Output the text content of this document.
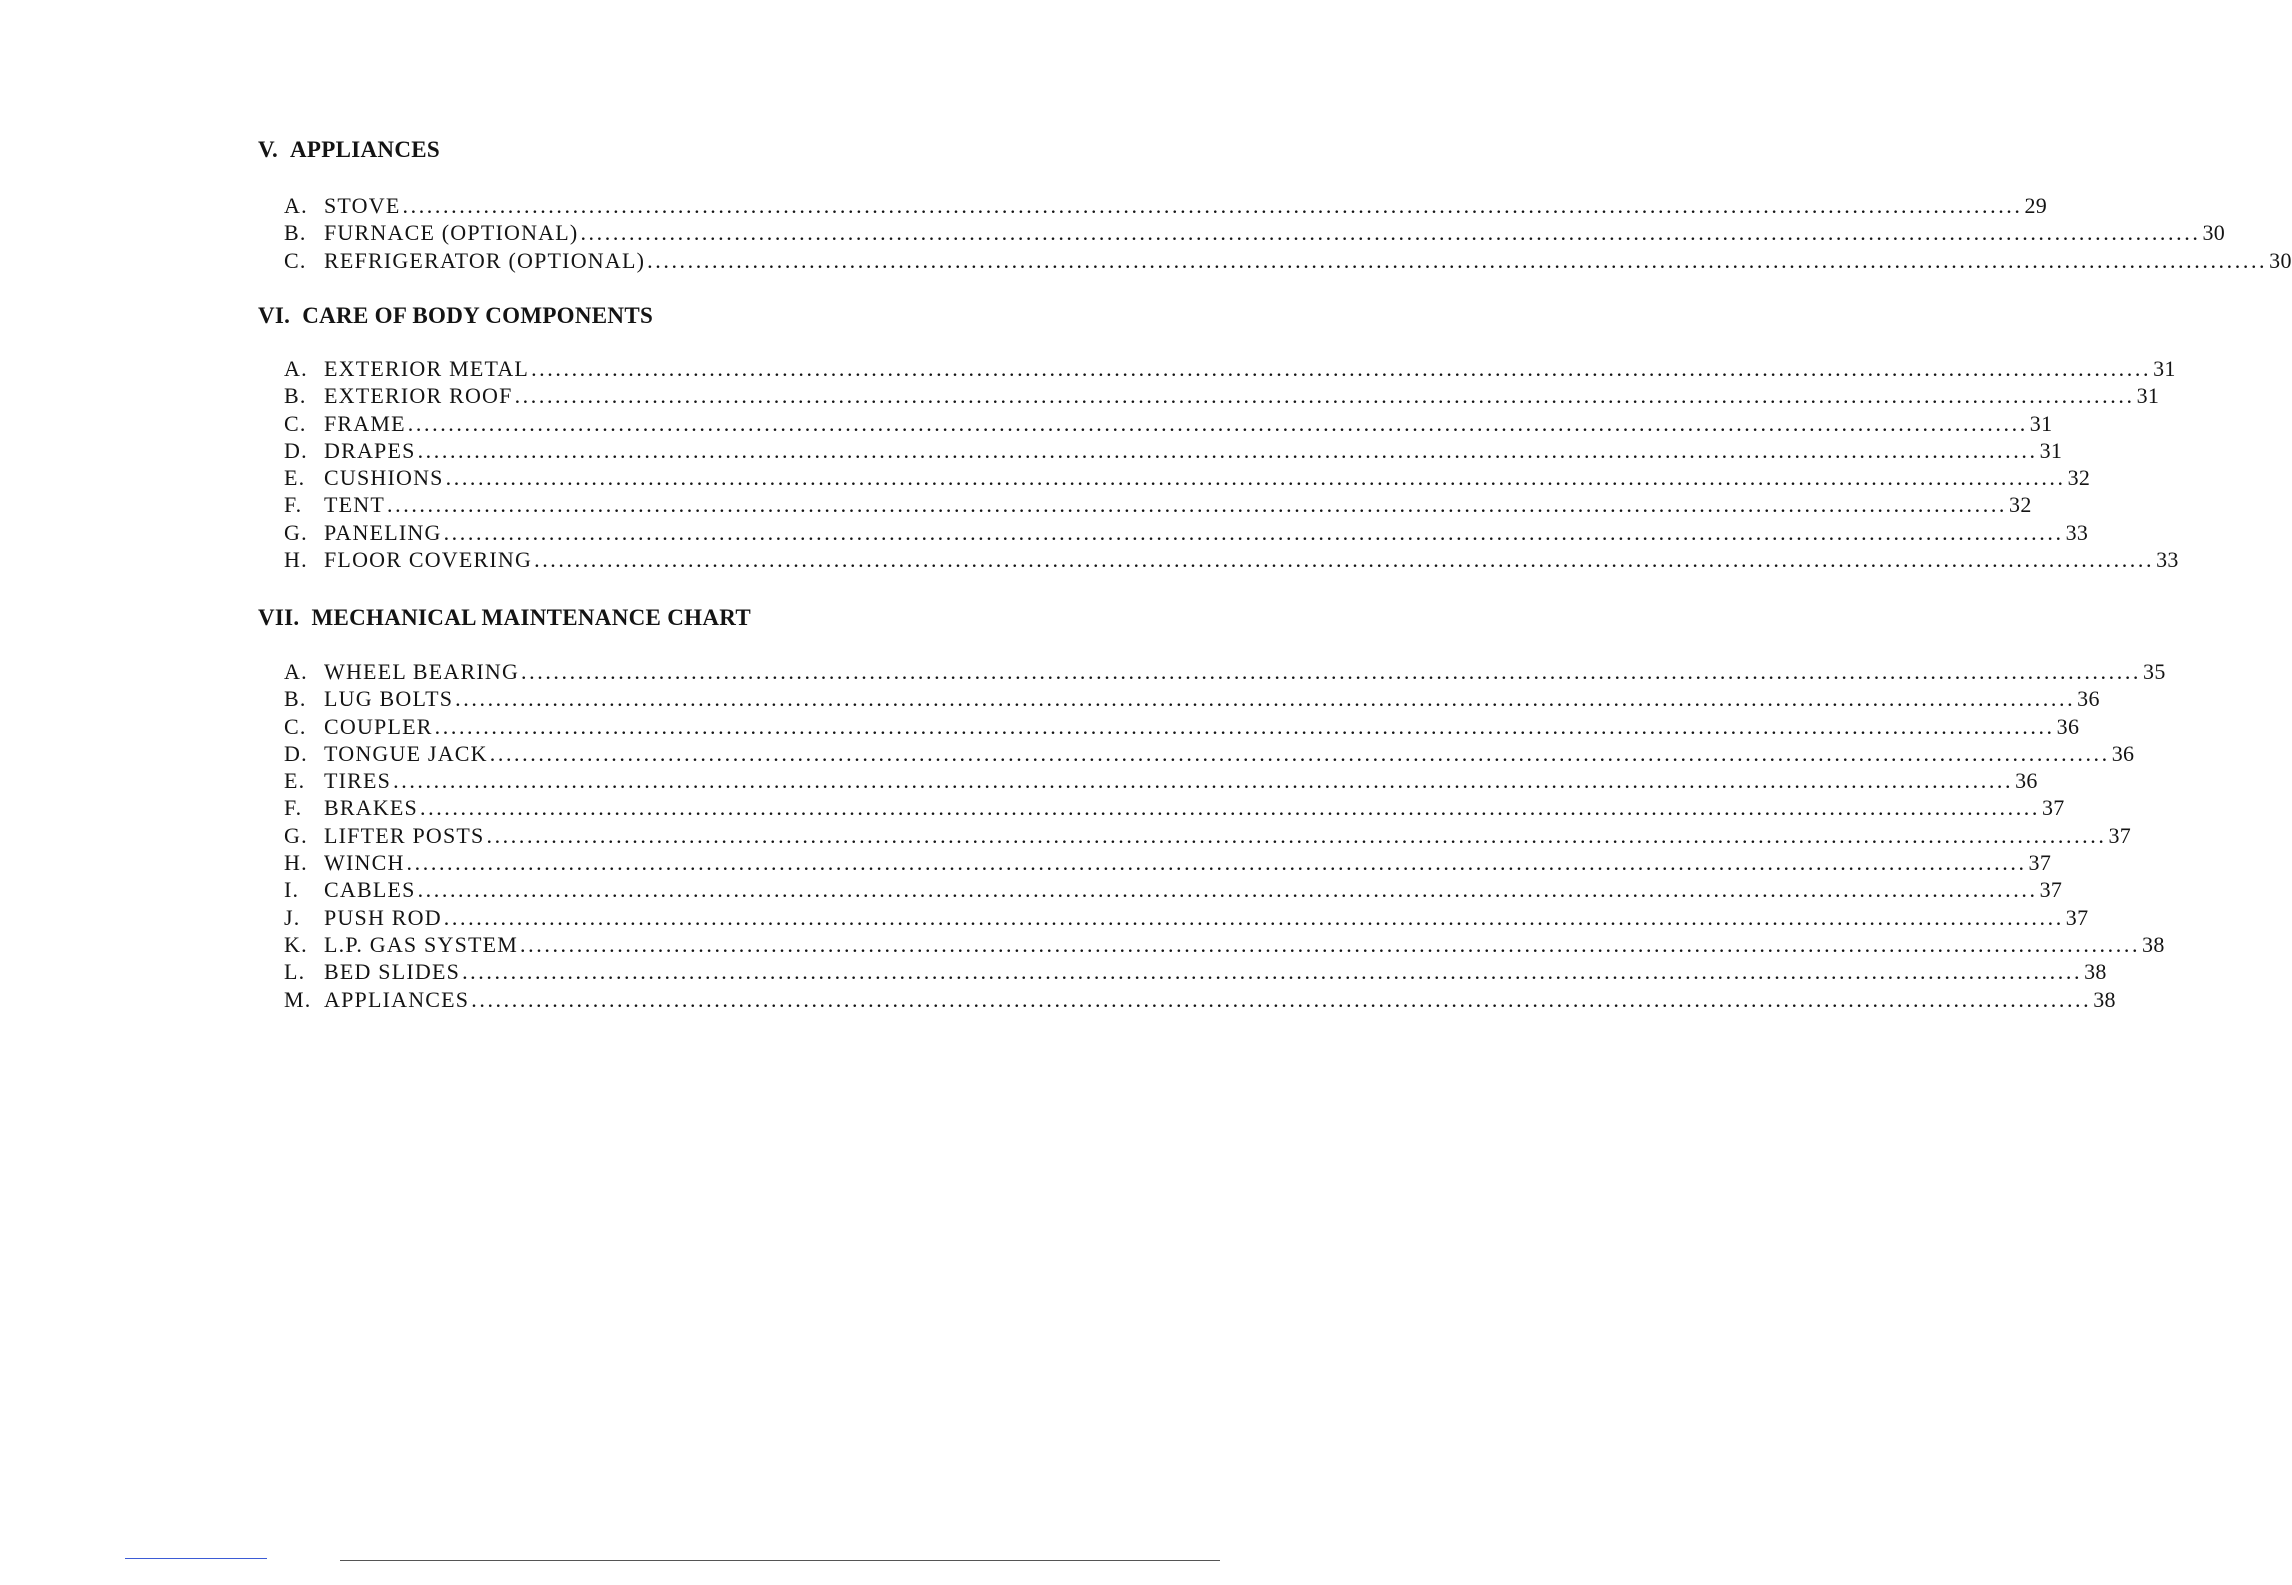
V. APPLIANCES
A. STOVE ........................................................................................................................................................................................................ 29
B. FURNACE (OPTIONAL) ........................................................................................................................................................................................................ 30
C. REFRIGERATOR (OPTIONAL) ........................................................................................................................................................................................................ 30
VI. CARE OF BODY COMPONENTS
A. EXTERIOR METAL ........................................................................................................................................................................................................ 31
B. EXTERIOR ROOF ........................................................................................................................................................................................................ 31
C. FRAME ........................................................................................................................................................................................................ 31
D. DRAPES ........................................................................................................................................................................................................ 31
E. CUSHIONS ........................................................................................................................................................................................................ 32
F. TENT ........................................................................................................................................................................................................ 32
G. PANELING ........................................................................................................................................................................................................ 33
H. FLOOR COVERING ........................................................................................................................................................................................................ 33
VII. MECHANICAL MAINTENANCE CHART
A. WHEEL BEARING ........................................................................................................................................................................................................ 35
B. LUG BOLTS ........................................................................................................................................................................................................ 36
C. COUPLER ........................................................................................................................................................................................................ 36
D. TONGUE JACK ........................................................................................................................................................................................................ 36
E. TIRES ........................................................................................................................................................................................................ 36
F. BRAKES ........................................................................................................................................................................................................ 37
G. LIFTER POSTS ........................................................................................................................................................................................................ 37
H. WINCH ........................................................................................................................................................................................................ 37
I.	CABLES ........................................................................................................................................................................................................ 37
J.	PUSH ROD ........................................................................................................................................................................................................ 37
K. L.P. GAS SYSTEM ........................................................................................................................................................................................................ 38
L. BED SLIDES ........................................................................................................................................................................................................ 38
M. APPLIANCES ........................................................................................................................................................................................................ 38
